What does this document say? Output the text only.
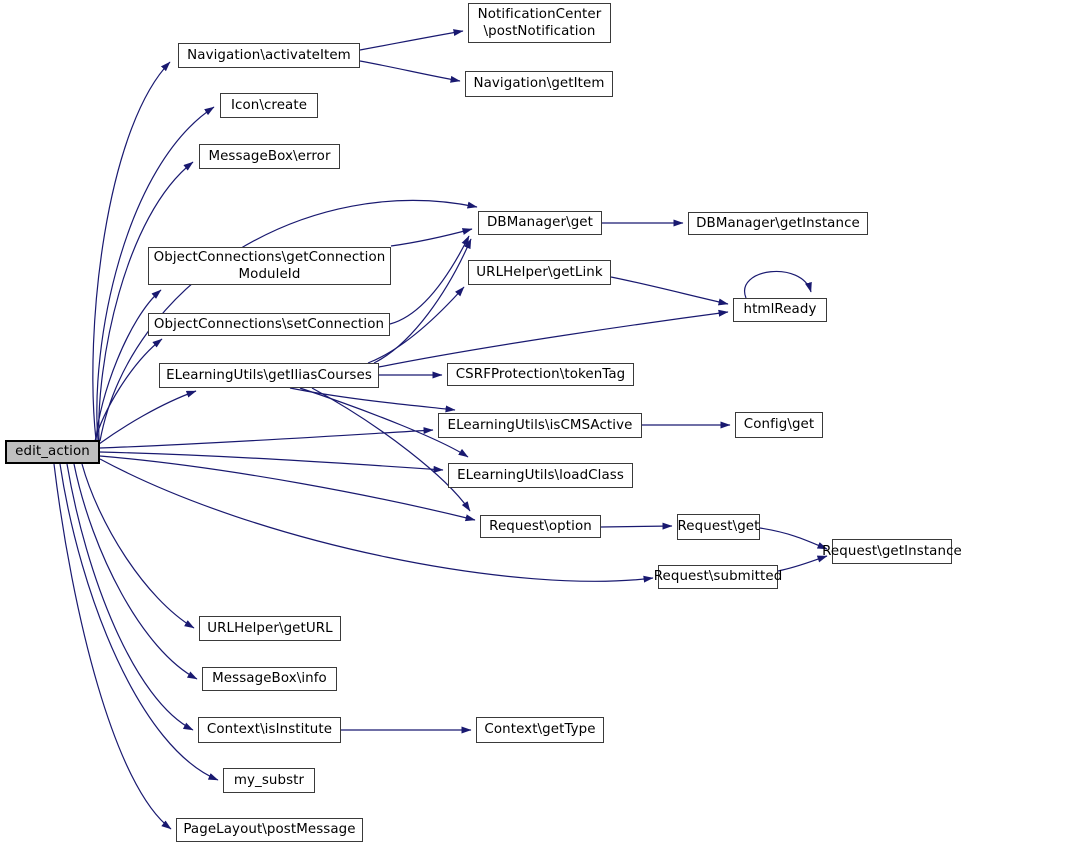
edit_action
Navigation\activateItem
NotificationCenter
\postNotification
Navigation\getItem
Icon\create
MessageBox\error
DBManager\get	DBManager\getInstance
ObjectConnections\getConnection
ModuleId	URLHelper\getLink
htmlReady
ObjectConnections\setConnection
ELearningUtils\getIliasCourses	CSRFProtection\tokenTag
ELearningUtils\isCMSActive	Config\get
ELearningUtils\loadClass
Request\option	Request\get
Request\getInstance
Request\submitted
URLHelper\getURL
MessageBox\info
Context\isInstitute	Context\getType
my_substr
PageLayout\postMessage
